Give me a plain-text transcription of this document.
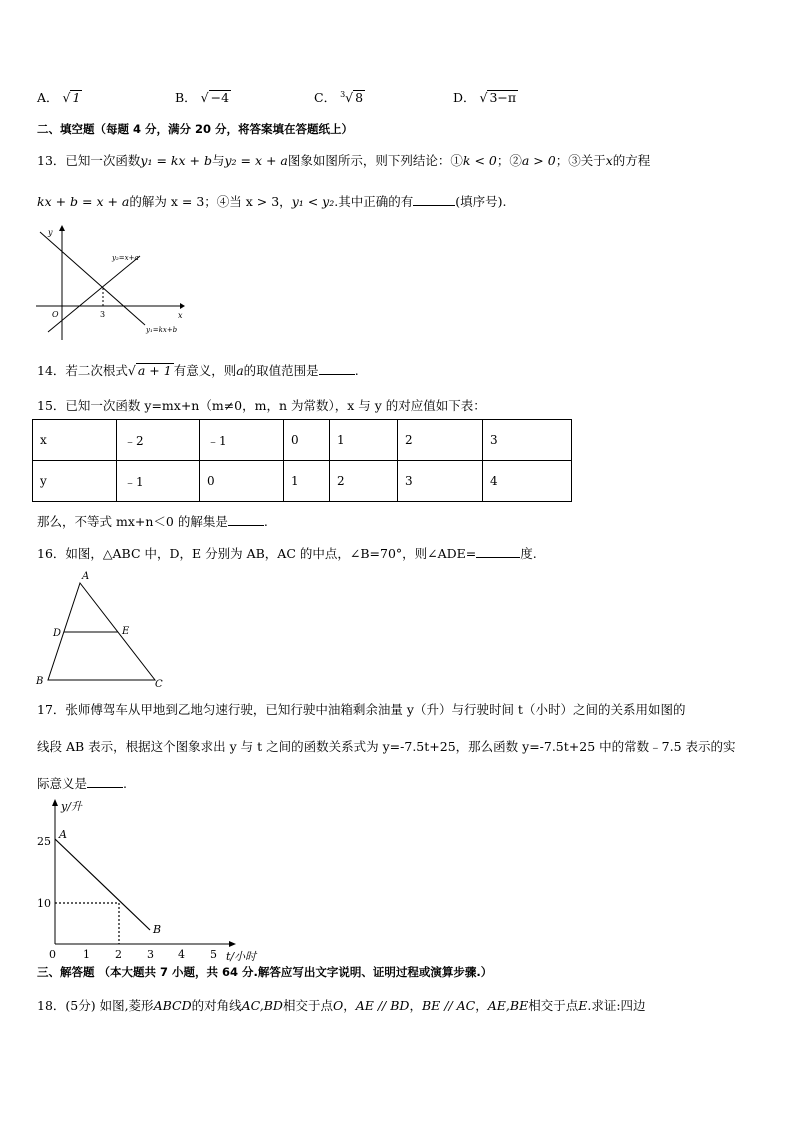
A． √ 1	B． √ −4	C． $^3$√ 8	D． √ 3−π
二、填空题（每题 4 分，满分 20 分，将答案填在答题纸上）
13．已知一次函数y₁ = kx + b与y₂ = x + a图象如图所示，则下列结论：①k < 0；②a > 0；③关于x的方程
kx + b = x + a的解为 x = 3；④当 x > 3，y₁ < y₂.其中正确的有	(填序号).
y
x
O	3
y₂=x+a
y₁=kx+b
14．若二次根式√ a + 1 有意义，则a的取值范围是	.
15．已知一次函数 y=mx+n（m≠0，m，n 为常数），x 与 y 的对应值如下表：
x	﹣2	﹣1	0	1	2	3
y	﹣1	0	1	2	3	4
那么，不等式 mx+n＜0 的解集是	.
16．如图，△ABC 中，D，E 分别为 AB，AC 的中点，∠B=70°，则∠ADE=	度.
A
B	C
D	E
17．张师傅驾车从甲地到乙地匀速行驶，已知行驶中油箱剩余油量 y（升）与行驶时间 t（小时）之间的关系用如图的
线段 AB 表示，根据这个图象求出 y 与 t 之间的函数关系式为 y=-7.5t+25，那么函数 y=-7.5t+25 中的常数﹣7.5 表示的实
际意义是	.
y/升
t/小时
A
B
25
10
0 1 2 3 4 5
三、解答题 （本大题共 7 小题，共 64 分.解答应写出文字说明、证明过程或演算步骤.）
18．(5分) 如图,菱形ABCD的对角线AC,BD相交于点O，AE // BD，BE // AC，AE,BE相交于点E.求证:四边
